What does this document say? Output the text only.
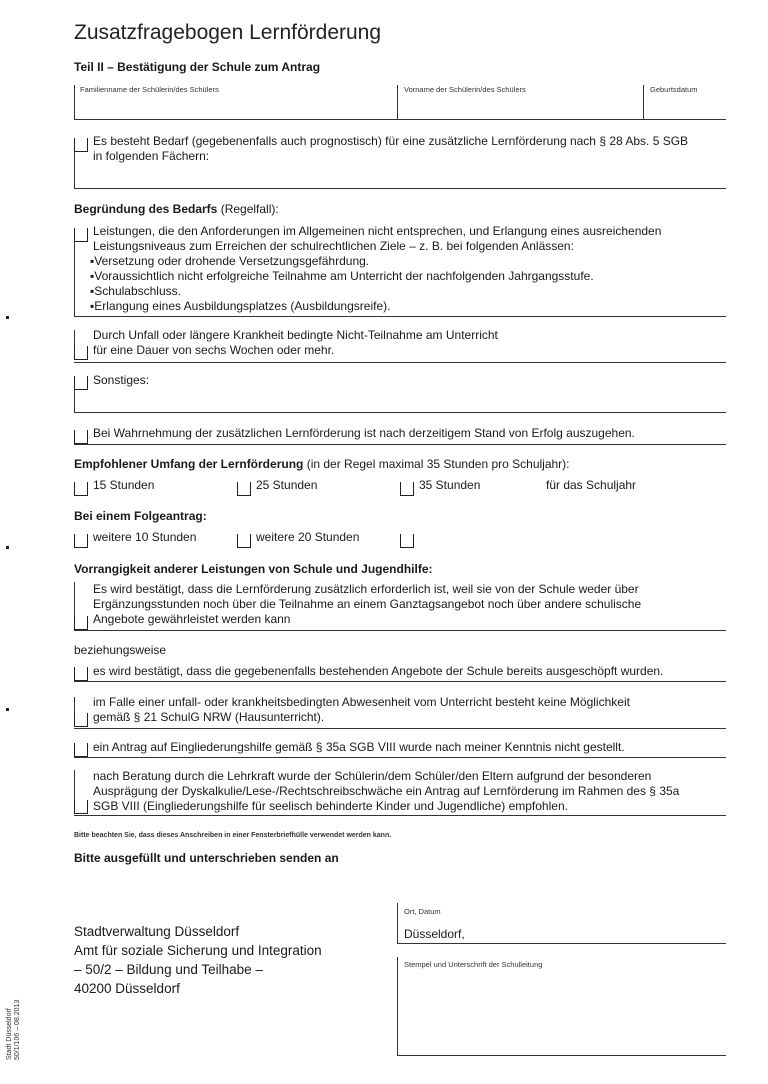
Zusatzfragebogen Lernförderung
Teil II – Bestätigung der Schule zum Antrag
Familienname der Schülerin/des Schülers	Vorname der Schülerin/des Schülers	Geburtsdatum
Es besteht Bedarf (gegebenenfalls auch prognostisch) für eine zusätzliche Lernförderung nach § 28 Abs. 5 SGB
in folgenden Fächern:
Begründung des Bedarfs (Regelfall):
Leistungen, die den Anforderungen im Allgemeinen nicht entsprechen, und Erlangung eines ausreichenden
Leistungsniveaus zum Erreichen der schulrechtlichen Ziele – z. B. bei folgenden Anlässen:
▪ Versetzung oder drohende Versetzungsgefährdung.
▪ Voraussichtlich nicht erfolgreiche Teilnahme am Unterricht der nachfolgenden Jahrgangsstufe.
▪ Schulabschluss.
▪ Erlangung eines Ausbildungsplatzes (Ausbildungsreife).
Durch Unfall oder längere Krankheit bedingte Nicht-Teilnahme am Unterricht
für eine Dauer von sechs Wochen oder mehr.
Sonstiges:
Bei Wahrnehmung der zusätzlichen Lernförderung ist nach derzeitigem Stand von Erfolg auszugehen.
Empfohlener Umfang der Lernförderung (in der Regel maximal 35 Stunden pro Schuljahr):
15 Stunden	25 Stunden	35 Stunden	für das Schuljahr
Bei einem Folgeantrag:
weitere 10 Stunden	weitere 20 Stunden
Vorrangigkeit anderer Leistungen von Schule und Jugendhilfe:
Es wird bestätigt, dass die Lernförderung zusätzlich erforderlich ist, weil sie von der Schule weder über
Ergänzungsstunden noch über die Teilnahme an einem Ganztagsangebot noch über andere schulische
Angebote gewährleistet werden kann
beziehungsweise
es wird bestätigt, dass die gegebenenfalls bestehenden Angebote der Schule bereits ausgeschöpft wurden.
im Falle einer unfall- oder krankheitsbedingten Abwesenheit vom Unterricht besteht keine Möglichkeit
gemäß § 21 SchulG NRW (Hausunterricht).
ein Antrag auf Eingliederungshilfe gemäß § 35a SGB VIII wurde nach meiner Kenntnis nicht gestellt.
nach Beratung durch die Lehrkraft wurde der Schülerin/dem Schüler/den Eltern aufgrund der besonderen
Ausprägung der Dyskalkulie/Lese-/Rechtschreibschwäche ein Antrag auf Lernförderung im Rahmen des § 35a
SGB VIII (Eingliederungshilfe für seelisch behinderte Kinder und Jugendliche) empfohlen.
Bitte beachten Sie, dass dieses Anschreiben in einer Fensterbriefhülle verwendet werden kann.
Bitte ausgefüllt und unterschrieben senden an
Stadtverwaltung Düsseldorf
Amt für soziale Sicherung und Integration
– 50/2 – Bildung und Teilhabe –
40200 Düsseldorf
Ort, Datum
Düsseldorf,
Stempel und Unterschrift der Schulleitung
Stadt Düsseldorf 50/1/106 – 08.2013
